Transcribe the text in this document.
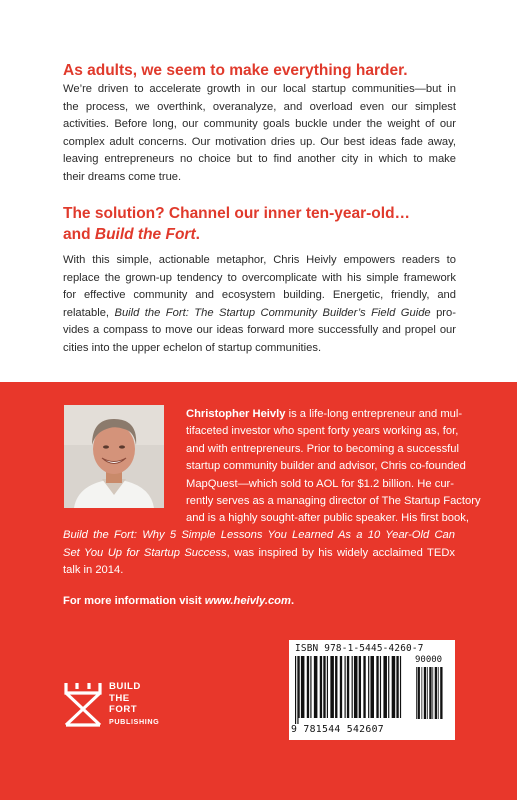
As adults, we seem to make everything harder.
We’re driven to accelerate growth in our local startup communities—but in
the process, we overthink, overanalyze, and overload even our simplest
activities. Before long, our community goals buckle under the weight of our
complex adult concerns. Our motivation dries up. Our best ideas fade away,
leaving entrepreneurs no choice but to find another city in which to make
their dreams come true.
The solution? Channel our inner ten-year-old…
and Build the Fort.
With this simple, actionable metaphor, Chris Heivly empowers readers to
replace the grown-up tendency to overcomplicate with his simple framework
for effective community and ecosystem building. Energetic, friendly, and
relatable, Build the Fort: The Startup Community Builder’s Field Guide pro-
vides a compass to move our ideas forward more successfully and propel our
cities into the upper echelon of startup communities.
Christopher Heivly is a life-long entrepreneur and mul-
tifaceted investor who spent forty years working as, for,
and with entrepreneurs. Prior to becoming a successful
startup community builder and advisor, Chris co-founded
MapQuest—which sold to AOL for $1.2 billion. He cur-
rently serves as a managing director of The Startup Factory
and is a highly sought-after public speaker. His first book,
Build the Fort: Why 5 Simple Lessons You Learned As a 10 Year-Old Can
Set You Up for Startup Success, was inspired by his widely acclaimed TEDx
talk in 2014.

For more information visit www.heivly.com.

BUILD
THE
FORT

PUBLISHING

ISBN 978-1-5445-4260-7
90000
9 781544 542607
